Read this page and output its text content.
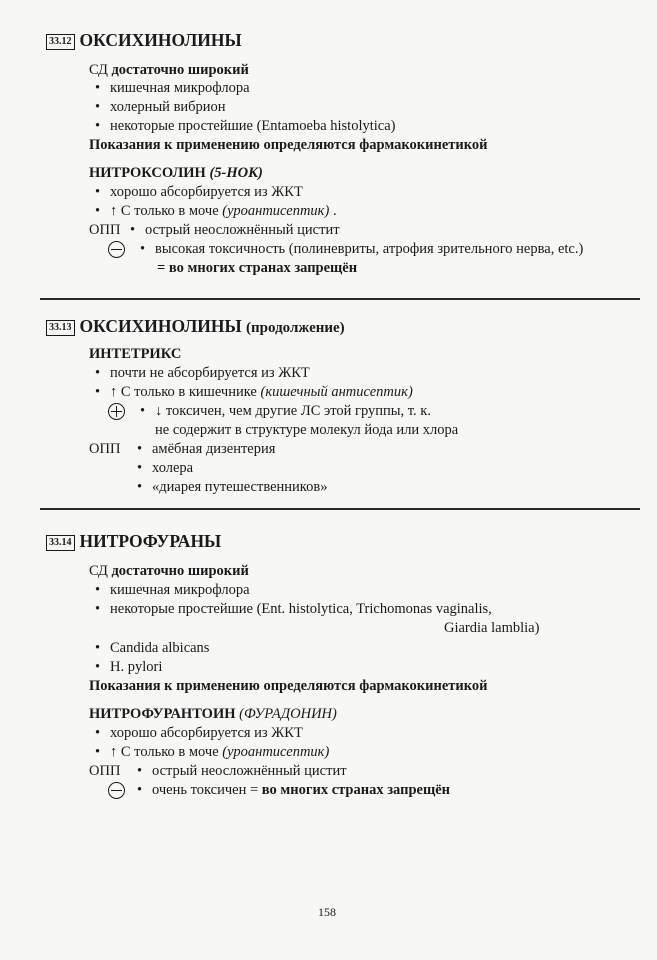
33.12 ОКСИХИНОЛИНЫ
СД достаточно широкий
• кишечная микрофлора
• холерный вибрион
• некоторые простейшие (Entamoeba histolytica)
Показания к применению определяются фармакокинетикой
НИТРОКСОЛИН (5-НОК)
• хорошо абсорбируется из ЖКТ
• ↑ С только в моче (уроантисептик) .
ОПП • острый неосложнённый цистит
• высокая токсичность (полиневриты, атрофия зрительного нерва, etc.)
= во многих странах запрещён
33.13 ОКСИХИНОЛИНЫ (продолжение)
ИНТЕТРИКС
• почти не абсорбируется из ЖКТ
• ↑ С только в кишечнике (кишечный антисептик)
• ↓ токсичен, чем другие ЛС этой группы, т. к.
не содержит в структуре молекул йода или хлора
ОПП • амёбная дизентерия
• холера
• «диарея путешественников»
33.14 НИТРОФУРАНЫ
СД достаточно широкий
• кишечная микрофлора
• некоторые простейшие (Ent. histolytica, Trichomonas vaginalis,
Giardia lamblia)
• Candida albicans
• H. pylori
Показания к применению определяются фармакокинетикой
НИТРОФУРАНТОИН (ФУРАДОНИН)
• хорошо абсорбируется из ЖКТ
• ↑ С только в моче (уроантисептик)
ОПП • острый неосложнённый цистит
• очень токсичен = во многих странах запрещён
158
